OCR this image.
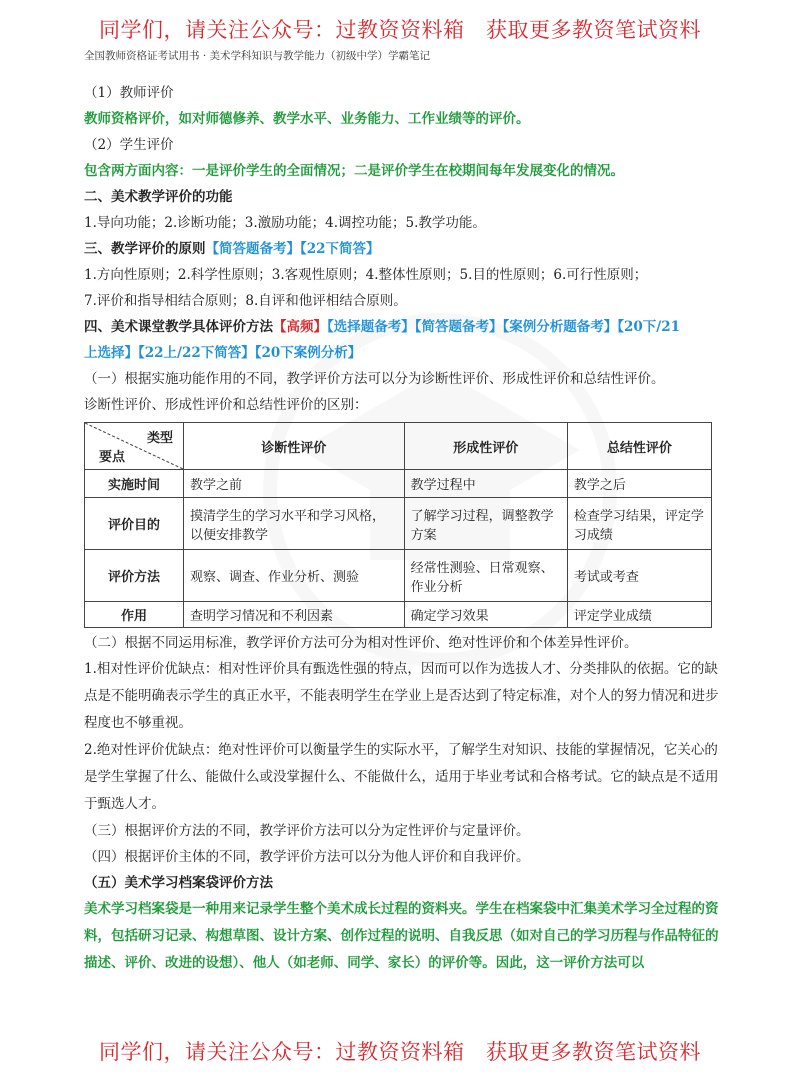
同学们，请关注公众号：过教资资料箱　获取更多教资笔试资料
全国教师资格证考试用书 · 美术学科知识与教学能力（初级中学）学霸笔记
（1）教师评价
教师资格评价，如对师德修养、教学水平、业务能力、工作业绩等的评价。
（2）学生评价
包含两方面内容：一是评价学生的全面情况；二是评价学生在校期间每年发展变化的情况。
二、美术教学评价的功能
1.导向功能；2.诊断功能；3.激励功能；4.调控功能；5.教学功能。
三、教学评价的原则【简答题备考】【22下简答】
1.方向性原则；2.科学性原则；3.客观性原则；4.整体性原则；5.目的性原则；6.可行性原则；
7.评价和指导相结合原则；8.自评和他评相结合原则。
四、美术课堂教学具体评价方法【高频】【选择题备考】【简答题备考】【案例分析题备考】【20下/21
上选择】【22上/22下简答】【20下案例分析】
（一）根据实施功能作用的不同，教学评价方法可以分为诊断性评价、形成性评价和总结性评价。
诊断性评价、形成性评价和总结性评价的区别：
类型
要点	诊断性评价	形成性评价	总结性评价
实施时间	教学之前	教学过程中	教学之后
评价目的	摸清学生的学习水平和学习风格，以便安排教学	了解学习过程，调整教学方案	检查学习结果，评定学习成绩
评价方法	观察、调查、作业分析、测验	经常性测验、日常观察、作业分析	考试或考查
作用	查明学习情况和不利因素	确定学习效果	评定学业成绩
（二）根据不同运用标准，教学评价方法可分为相对性评价、绝对性评价和个体差异性评价。
1.相对性评价优缺点：相对性评价具有甄选性强的特点，因而可以作为选拔人才、分类排队的依据。它的缺点是不能明确表示学生的真正水平，不能表明学生在学业上是否达到了特定标准，对个人的努力情况和进步程度也不够重视。
2.绝对性评价优缺点：绝对性评价可以衡量学生的实际水平，了解学生对知识、技能的掌握情况，它关心的是学生掌握了什么、能做什么或没掌握什么、不能做什么，适用于毕业考试和合格考试。它的缺点是不适用于甄选人才。
（三）根据评价方法的不同，教学评价方法可以分为定性评价与定量评价。
（四）根据评价主体的不同，教学评价方法可以分为他人评价和自我评价。
（五）美术学习档案袋评价方法
美术学习档案袋是一种用来记录学生整个美术成长过程的资料夹。学生在档案袋中汇集美术学习全过程的资料，包括研习记录、构想草图、设计方案、创作过程的说明、自我反思（如对自己的学习历程与作品特征的描述、评价、改进的设想）、他人（如老师、同学、家长）的评价等。因此，这一评价方法可以
同学们，请关注公众号：过教资资料箱　获取更多教资笔试资料
